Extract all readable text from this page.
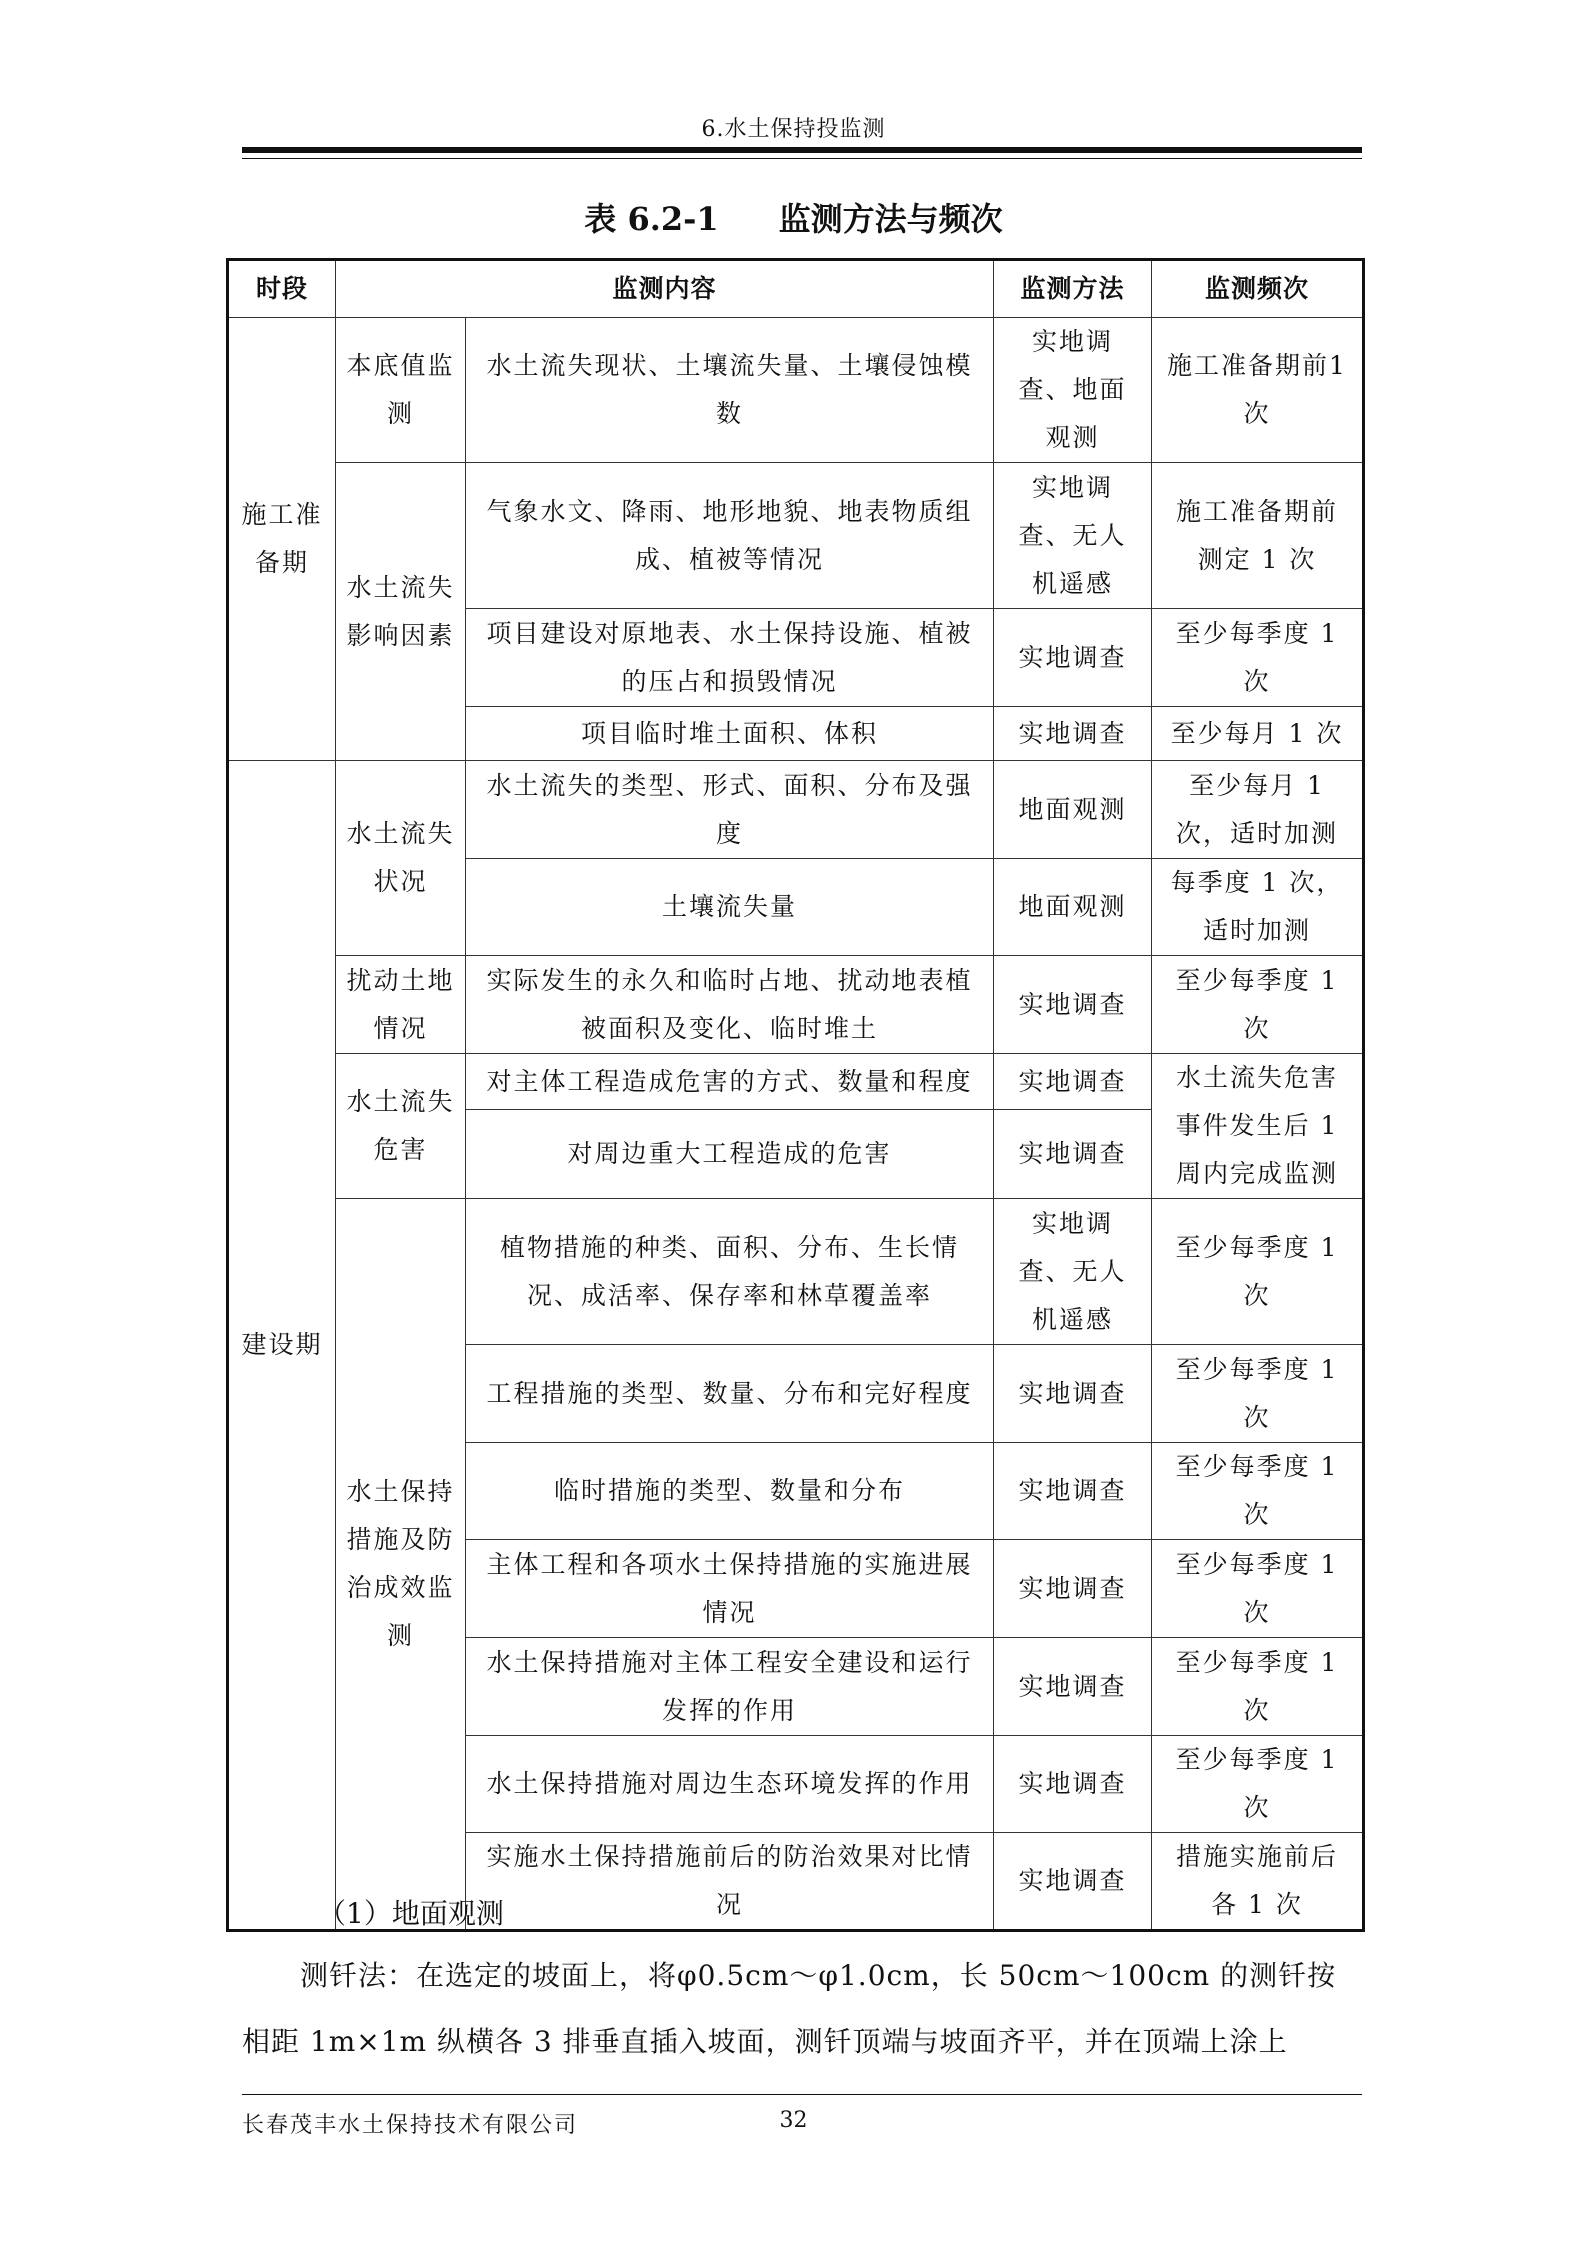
6.水土保持投监测
表 6.2-1 监测方法与频次
时段	监测内容		监测方法	监测频次
施工准备期	本底值监测	水土流失现状、土壤流失量、土壤侵蚀模数	实地调查、地面观测	施工准备期前1次
	水土流失影响因素	气象水文、降雨、地形地貌、地表物质组成、植被等情况	实地调查、无人机遥感	施工准备期前测定 1 次
		项目建设对原地表、水土保持设施、植被的压占和损毁情况	实地调查	至少每季度 1 次
		项目临时堆土面积、体积	实地调查	至少每月 1 次
建设期	水土流失状况	水土流失的类型、形式、面积、分布及强度	地面观测	至少每月 1次，适时加测
		土壤流失量	地面观测	每季度 1 次，适时加测
	扰动土地情况	实际发生的永久和临时占地、扰动地表植被面积及变化、临时堆土	实地调查	至少每季度 1 次
	水土流失危害	对主体工程造成危害的方式、数量和程度	实地调查	水土流失危害事件发生后 1 周内完成监测
		对周边重大工程造成的危害	实地调查	
	水土保持措施及防治成效监测	植物措施的种类、面积、分布、生长情况、成活率、保存率和林草覆盖率	实地调查、无人机遥感	至少每季度 1 次
		工程措施的类型、数量、分布和完好程度	实地调查	至少每季度 1 次
		临时措施的类型、数量和分布	实地调查	至少每季度 1 次
		主体工程和各项水土保持措施的实施进展情况	实地调查	至少每季度 1 次
		水土保持措施对主体工程安全建设和运行发挥的作用	实地调查	至少每季度 1 次
		水土保持措施对周边生态环境发挥的作用	实地调查	至少每季度 1 次
		实施水土保持措施前后的防治效果对比情况	实地调查	措施实施前后各 1 次
（1）地面观测
测钎法：在选定的坡面上，将φ0.5cm～φ1.0cm，长 50cm～100cm 的测钎按
相距 1m×1m 纵横各 3 排垂直插入坡面，测钎顶端与坡面齐平，并在顶端上涂上
长春茂丰水土保持技术有限公司	32
